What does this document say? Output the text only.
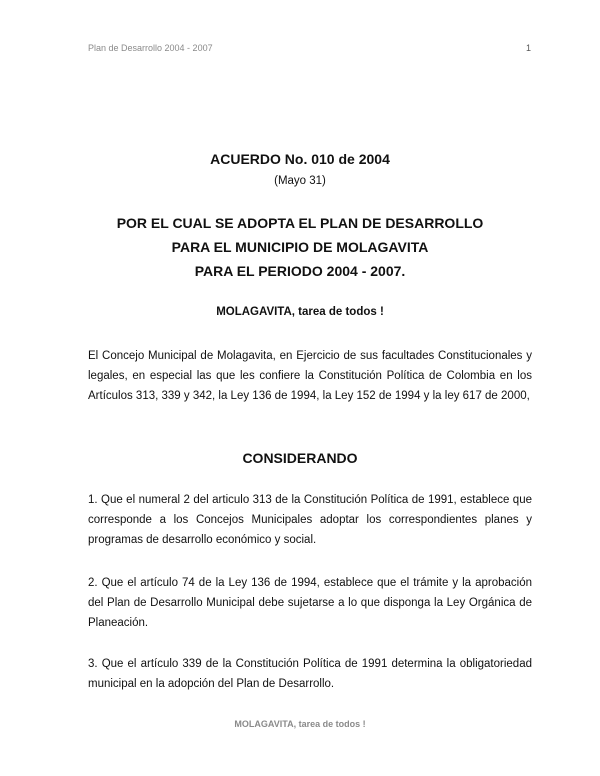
Plan de Desarrollo 2004 - 2007	1
ACUERDO No. 010 de 2004
(Mayo 31)
POR EL CUAL SE ADOPTA EL PLAN DE DESARROLLO
PARA EL MUNICIPIO DE MOLAGAVITA
PARA EL PERIODO 2004 - 2007.
MOLAGAVITA, tarea de todos !

El Concejo Municipal de Molagavita, en Ejercicio de sus facultades Constitucionales y legales, en especial las que les confiere la Constitución Política de Colombia en los Artículos 313, 339 y 342, la Ley 136 de 1994, la Ley 152 de 1994 y la ley 617 de 2000,

CONSIDERANDO

1. Que el numeral 2 del articulo 313 de la Constitución Política de 1991, establece que corresponde a los Concejos Municipales adoptar los correspondientes planes y programas de desarrollo económico y social.

2. Que el artículo 74 de la Ley 136 de 1994, establece que el trámite y la aprobación del Plan de Desarrollo Municipal debe sujetarse a lo que disponga la Ley Orgánica de Planeación.

3. Que el artículo 339 de la Constitución Política de 1991 determina la obligatoriedad municipal en la adopción del Plan de Desarrollo.

MOLAGAVITA, tarea de todos !
